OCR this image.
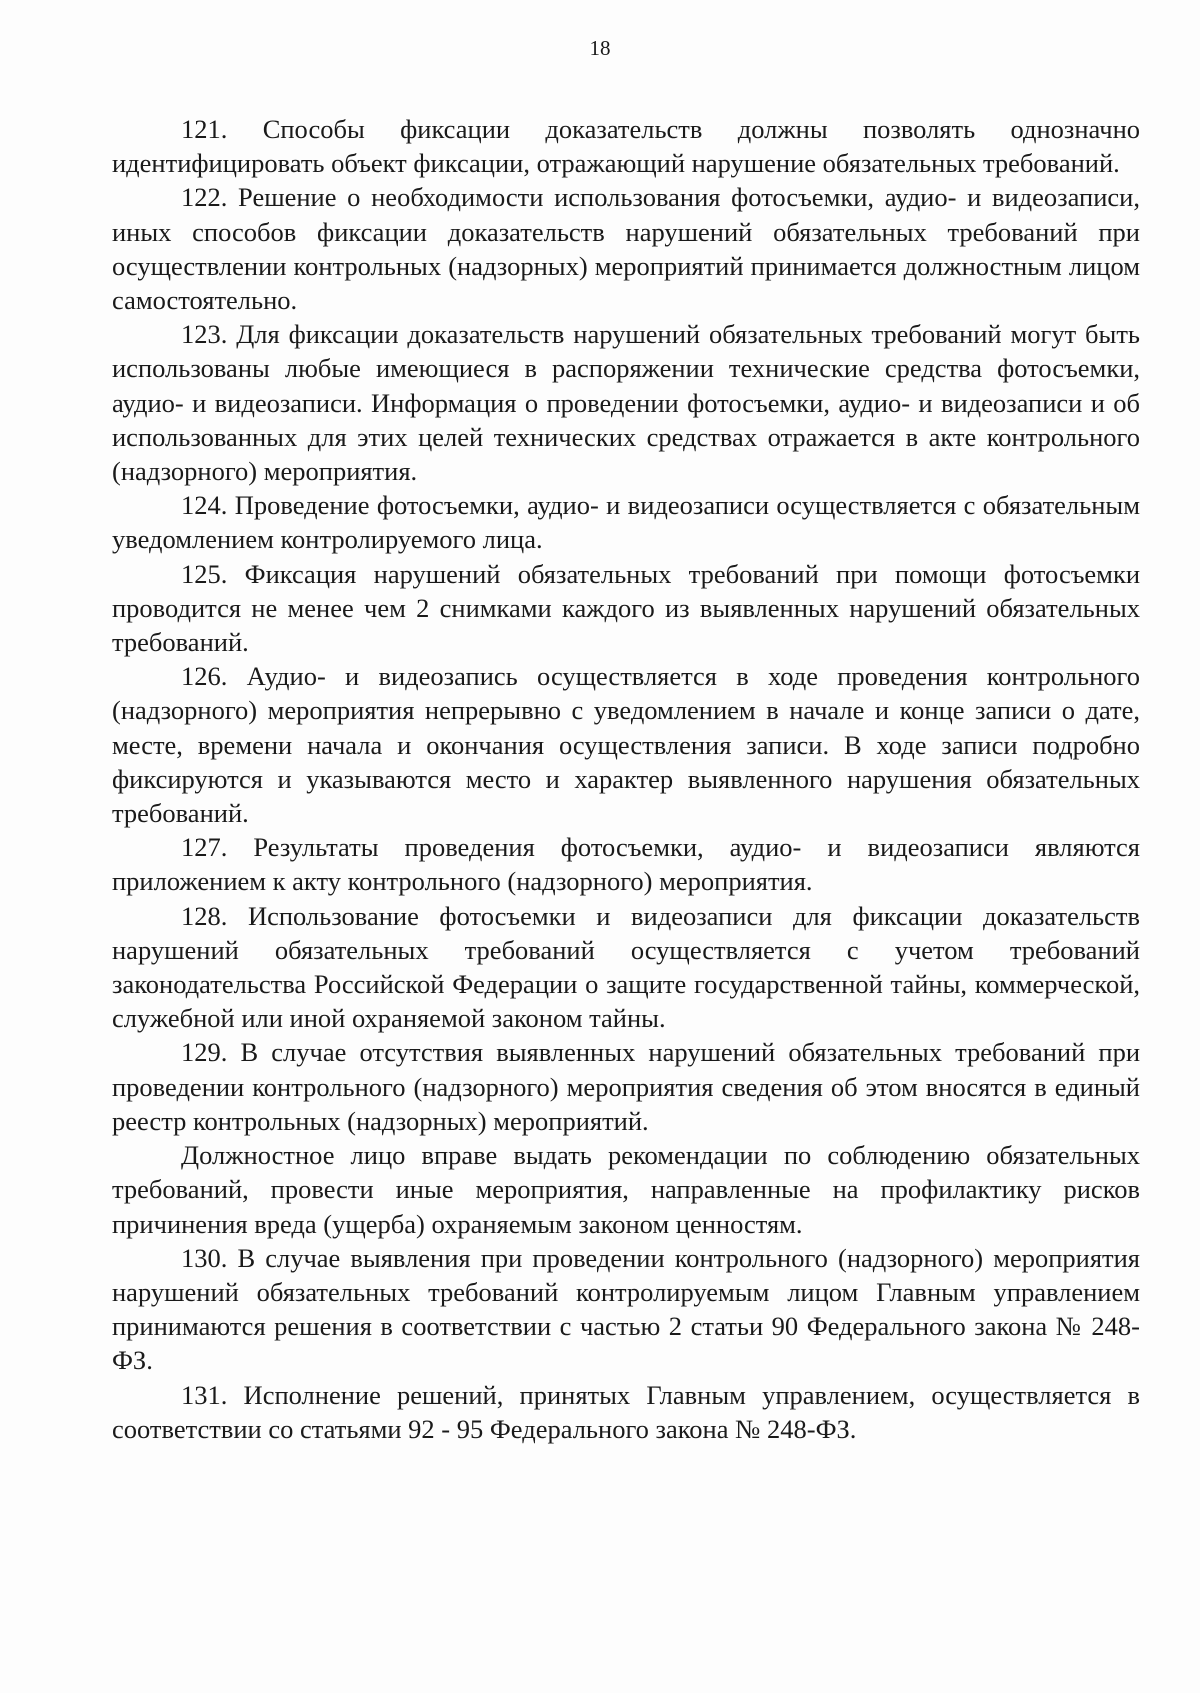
18

121. Способы фиксации доказательств должны позволять однозначно идентифицировать объект фиксации, отражающий нарушение обязательных требований.

122. Решение о необходимости использования фотосъемки, аудио- и видеозаписи, иных способов фиксации доказательств нарушений обязательных требований при осуществлении контрольных (надзорных) мероприятий принимается должностным лицом самостоятельно.

123. Для фиксации доказательств нарушений обязательных требований могут быть использованы любые имеющиеся в распоряжении технические средства фотосъемки, аудио- и видеозаписи. Информация о проведении фотосъемки, аудио- и видеозаписи и об использованных для этих целей технических средствах отражается в акте контрольного (надзорного) мероприятия.

124. Проведение фотосъемки, аудио- и видеозаписи осуществляется с обязательным уведомлением контролируемого лица.

125. Фиксация нарушений обязательных требований при помощи фотосъемки проводится не менее чем 2 снимками каждого из выявленных нарушений обязательных требований.

126. Аудио- и видеозапись осуществляется в ходе проведения контрольного (надзорного) мероприятия непрерывно с уведомлением в начале и конце записи о дате, месте, времени начала и окончания осуществления записи. В ходе записи подробно фиксируются и указываются место и характер выявленного нарушения обязательных требований.

127. Результаты проведения фотосъемки, аудио- и видеозаписи являются приложением к акту контрольного (надзорного) мероприятия.

128. Использование фотосъемки и видеозаписи для фиксации доказательств нарушений обязательных требований осуществляется с учетом требований законодательства Российской Федерации о защите государственной тайны, коммерческой, служебной или иной охраняемой законом тайны.

129. В случае отсутствия выявленных нарушений обязательных требований при проведении контрольного (надзорного) мероприятия сведения об этом вносятся в единый реестр контрольных (надзорных) мероприятий.

Должностное лицо вправе выдать рекомендации по соблюдению обязательных требований, провести иные мероприятия, направленные на профилактику рисков причинения вреда (ущерба) охраняемым законом ценностям.

130. В случае выявления при проведении контрольного (надзорного) мероприятия нарушений обязательных требований контролируемым лицом Главным управлением принимаются решения в соответствии с частью 2 статьи 90 Федерального закона № 248-ФЗ.

131. Исполнение решений, принятых Главным управлением, осуществляется в соответствии со статьями 92 - 95 Федерального закона № 248-ФЗ.
